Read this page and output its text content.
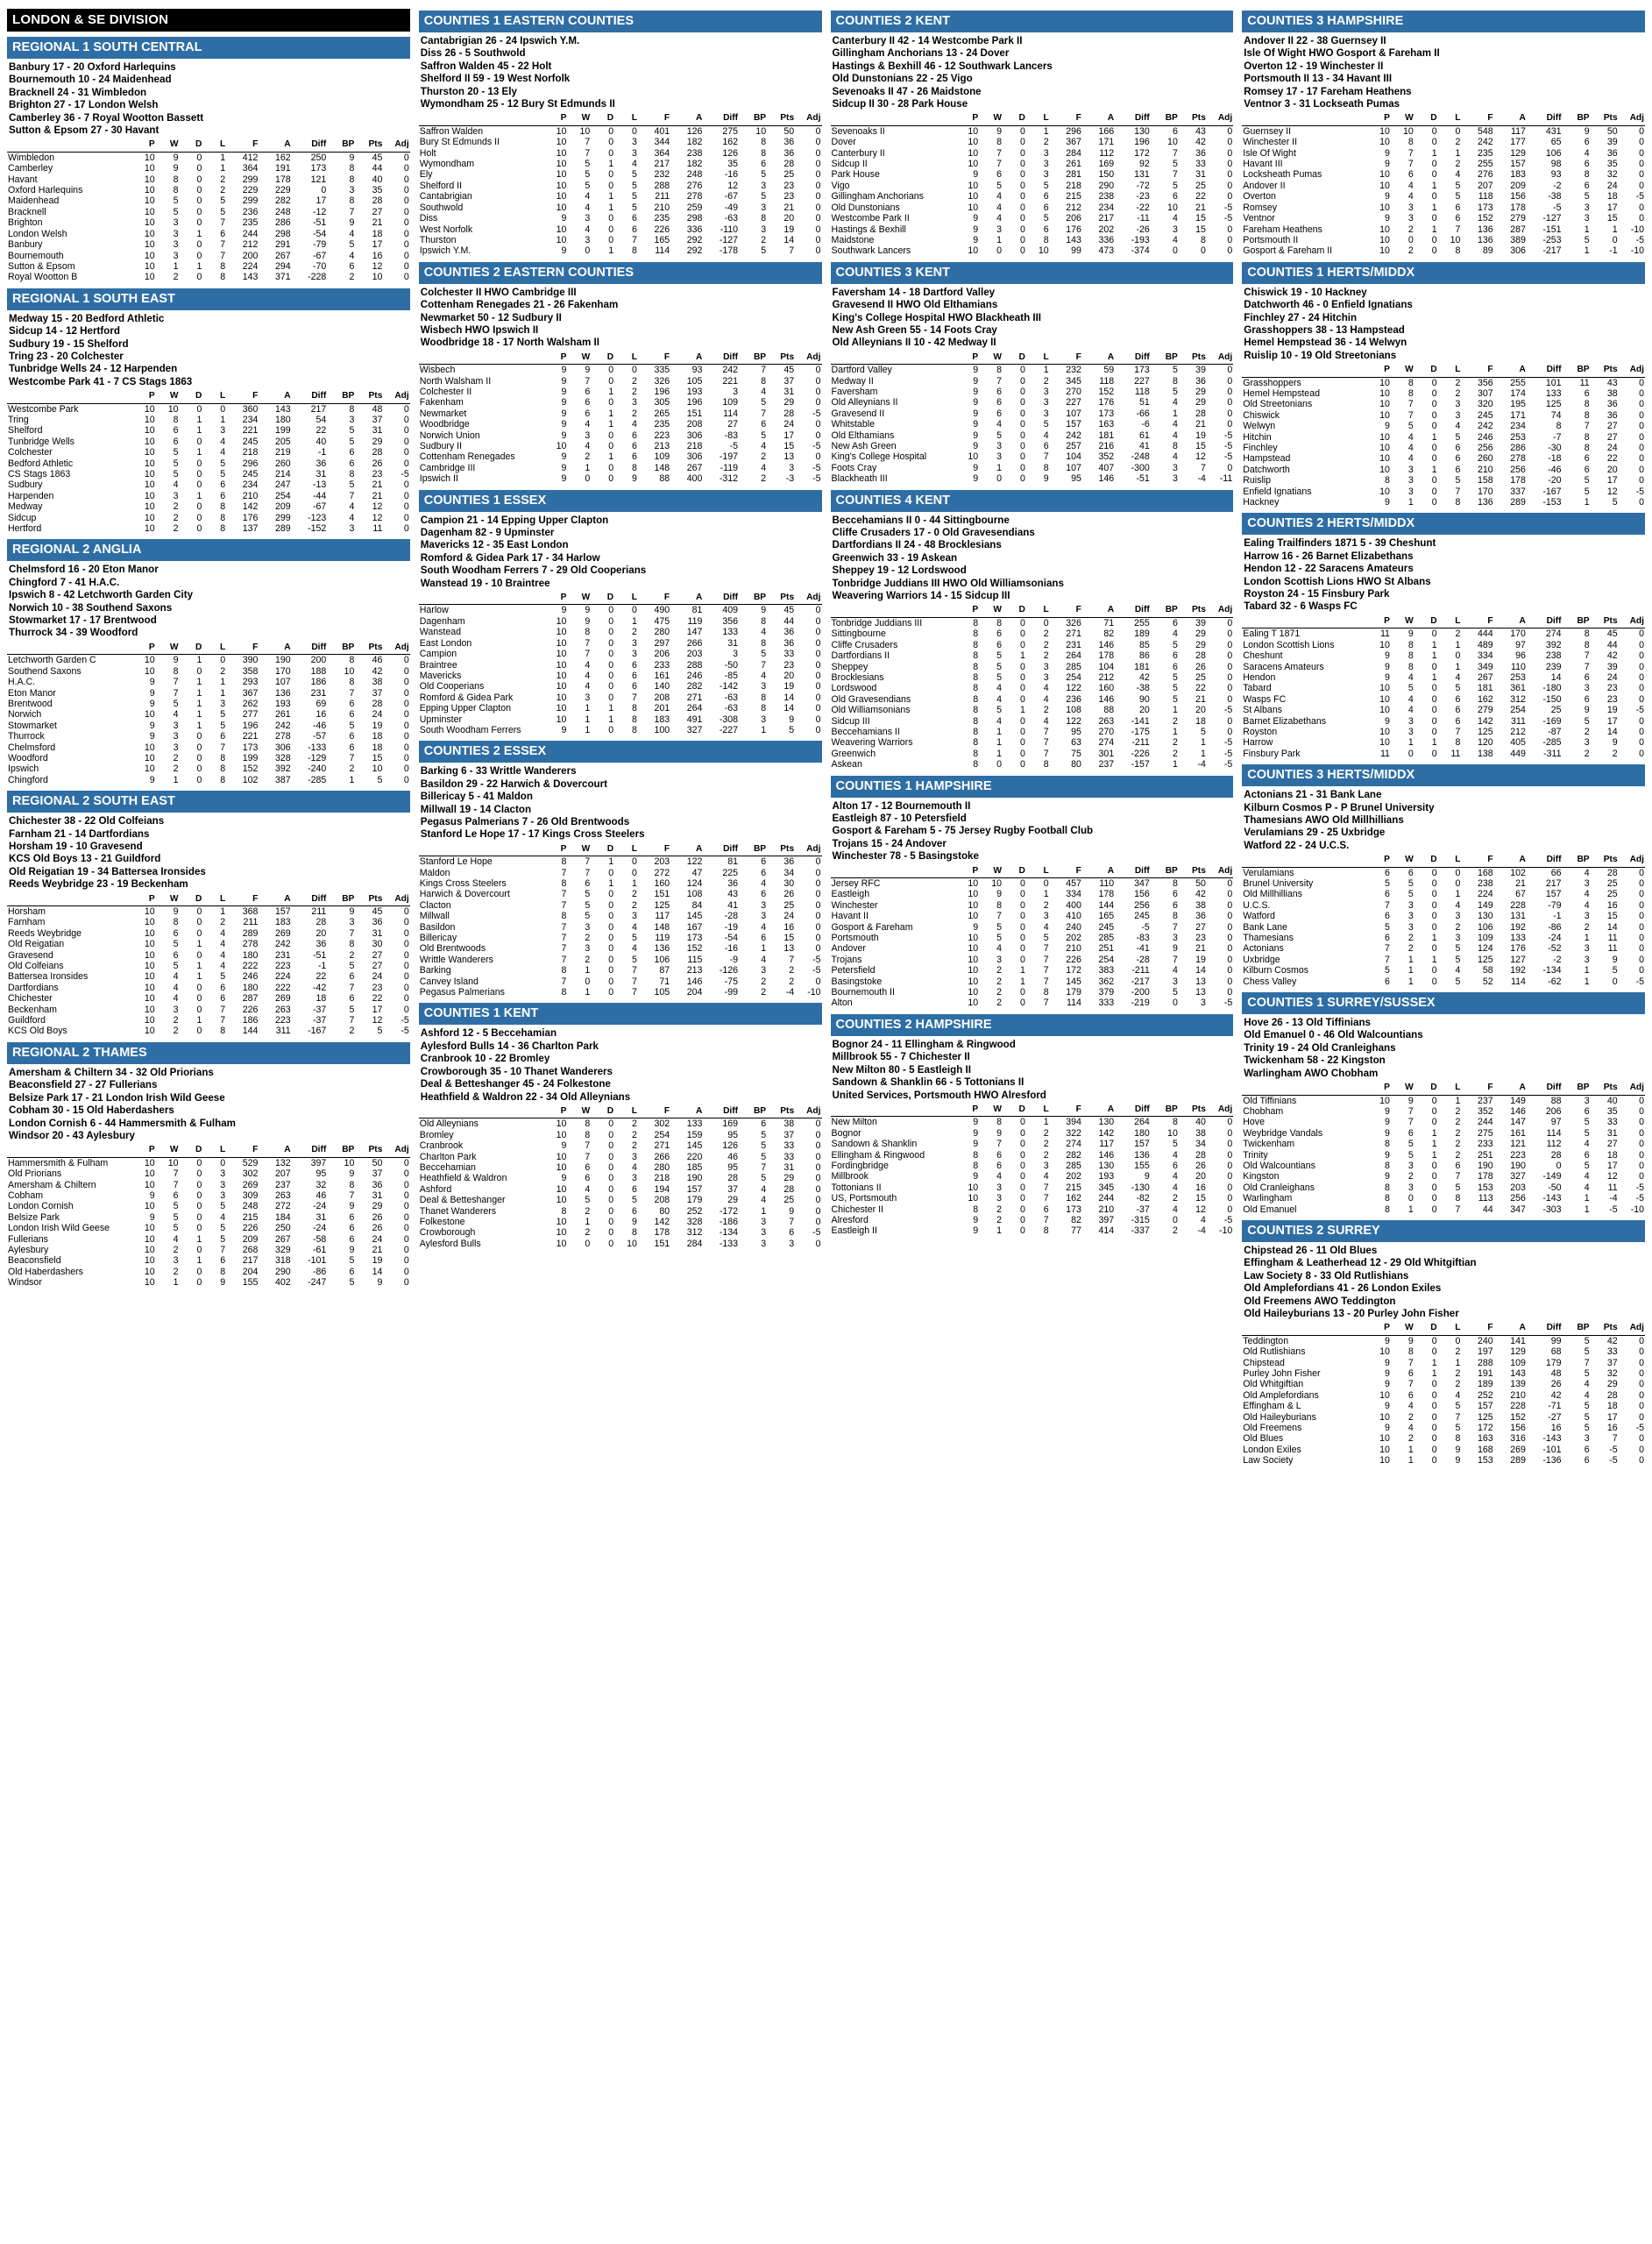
LONDON & SE DIVISION
REGIONAL 1 SOUTH CENTRAL
Banbury 17 - 20 Oxford Harlequins
Bournemouth 10 - 24 Maidenhead
Bracknell 24 - 31 Wimbledon
Brighton 27 - 17 London Welsh
Camberley 36 - 7 Royal Wootton Bassett
Sutton & Epsom 27 - 30 Havant
	P	W	D	L	F	A	Diff	BP	Pts	Adj
Wimbledon	10	9	0	1	412	162	250	9	45	0
Camberley	10	9	0	1	364	191	173	8	44	0
Havant	10	8	0	2	299	178	121	8	40	0
Oxford Harlequins	10	8	0	2	229	229	0	3	35	0
Maidenhead	10	5	0	5	299	282	17	8	28	0
Bracknell	10	5	0	5	236	248	-12	7	27	0
Brighton	10	3	0	7	235	286	-51	9	21	0
London Welsh	10	3	1	6	244	298	-54	4	18	0
Banbury	10	3	0	7	212	291	-79	5	17	0
Bournemouth	10	3	0	7	200	267	-67	4	16	0
Sutton & Epsom	10	1	1	8	224	294	-70	6	12	0
Royal Wootton B	10	2	0	8	143	371	-228	2	10	0
REGIONAL 1 SOUTH EAST
Medway 15 - 20 Bedford Athletic
Sidcup 14 - 12 Hertford
Sudbury 19 - 15 Shelford
Tring 23 - 20 Colchester
Tunbridge Wells 24 - 12 Harpenden
Westcombe Park 41 - 7 CS Stags 1863
	P	W	D	L	F	A	Diff	BP	Pts	Adj
Westcombe Park	10	10	0	0	360	143	217	8	48	0
Tring	10	8	1	1	234	180	54	3	37	0
Shelford	10	6	1	3	221	199	22	5	31	0
Tunbridge Wells	10	6	0	4	245	205	40	5	29	0
Colchester	10	5	1	4	218	219	-1	6	28	0
Bedford Athletic	10	5	0	5	296	260	36	6	26	0
CS Stags 1863	10	5	0	5	245	214	31	8	23	-5
Sudbury	10	4	0	6	234	247	-13	5	21	0
Harpenden	10	3	1	6	210	254	-44	7	21	0
Medway	10	2	0	8	142	209	-67	4	12	0
Sidcup	10	2	0	8	176	299	-123	4	12	0
Hertford	10	2	0	8	137	289	-152	3	11	0
REGIONAL 2 ANGLIA
Chelmsford 16 - 20 Eton Manor
Chingford 7 - 41 H.A.C.
Ipswich 8 - 42 Letchworth Garden City
Norwich 10 - 38 Southend Saxons
Stowmarket 17 - 17 Brentwood
Thurrock 34 - 39 Woodford
	P	W	D	L	F	A	Diff	BP	Pts	Adj
Letchworth Garden C	10	9	1	0	390	190	200	8	46	0
Southend Saxons	10	8	0	2	358	170	188	10	42	0
H.A.C.	9	7	1	1	293	107	186	8	38	0
Eton Manor	9	7	1	1	367	136	231	7	37	0
Brentwood	9	5	1	3	262	193	69	6	28	0
Norwich	10	4	1	5	277	261	16	6	24	0
Stowmarket	9	3	1	5	196	242	-46	5	19	0
Thurrock	9	3	0	6	221	278	-57	6	18	0
Chelmsford	10	3	0	7	173	306	-133	6	18	0
Woodford	10	2	0	8	199	328	-129	7	15	0
Ipswich	10	2	0	8	152	392	-240	2	10	0
Chingford	9	1	0	8	102	387	-285	1	5	0
REGIONAL 2 SOUTH EAST
Chichester 38 - 22 Old Colfeians
Farnham 21 - 14 Dartfordians
Horsham 19 - 10 Gravesend
KCS Old Boys 13 - 21 Guildford
Old Reigatian 19 - 34 Battersea Ironsides
Reeds Weybridge 23 - 19 Beckenham
	P	W	D	L	F	A	Diff	BP	Pts	Adj
Horsham	10	9	0	1	368	157	211	9	45	0
Farnham	10	8	0	2	211	183	28	3	36	0
Reeds Weybridge	10	6	0	4	289	269	20	7	31	0
Old Reigatian	10	5	1	4	278	242	36	8	30	0
Gravesend	10	6	0	4	180	231	-51	2	27	0
Old Colfeians	10	5	1	4	222	223	-1	5	27	0
Battersea Ironsides	10	4	1	5	246	224	22	6	24	0
Dartfordians	10	4	0	6	180	222	-42	7	23	0
Chichester	10	4	0	6	287	269	18	6	22	0
Beckenham	10	3	0	7	226	263	-37	5	17	0
Guildford	10	2	1	7	186	223	-37	7	12	-5
KCS Old Boys	10	2	0	8	144	311	-167	2	5	-5
REGIONAL 2 THAMES
Amersham & Chiltern 34 - 32 Old Priorians
Beaconsfield 27 - 27 Fullerians
Belsize Park 17 - 21 London Irish Wild Geese
Cobham 30 - 15 Old Haberdashers
London Cornish 6 - 44 Hammersmith & Fulham
Windsor 20 - 43 Aylesbury
	P	W	D	L	F	A	Diff	BP	Pts	Adj
Hammersmith & Fulham	10	10	0	0	529	132	397	10	50	0
Old Priorians	10	7	0	3	302	207	95	9	37	0
Amersham & Chiltern	10	7	0	3	269	237	32	8	36	0
Cobham	9	6	0	3	309	263	46	7	31	0
London Cornish	10	5	0	5	248	272	-24	9	29	0
Belsize Park	9	5	0	4	215	184	31	6	26	0
London Irish Wild Geese	10	5	0	5	226	250	-24	6	26	0
Fullerians	10	4	1	5	209	267	-58	6	24	0
Aylesbury	10	2	0	7	268	329	-61	9	21	0
Beaconsfield	10	3	1	6	217	318	-101	5	19	0
Old Haberdashers	10	2	0	8	204	290	-86	6	14	0
Windsor	10	1	0	9	155	402	-247	5	9	0
COUNTIES 1 EASTERN COUNTIES
Cantabrigian 26 - 24 Ipswich Y.M.
Diss 26 - 5 Southwold
Saffron Walden 45 - 22 Holt
Shelford II 59 - 19 West Norfolk
Thurston 20 - 13 Ely
Wymondham 25 - 12 Bury St Edmunds II
	P	W	D	L	F	A	Diff	BP	Pts	Adj
Saffron Walden	10	10	0	0	401	126	275	10	50	0
Bury St Edmunds II	10	7	0	3	344	182	162	8	36	0
Holt	10	7	0	3	364	238	126	8	36	0
Wymondham	10	5	1	4	217	182	35	6	28	0
Ely	10	5	0	5	232	248	-16	5	25	0
Shelford II	10	5	0	5	288	276	12	3	23	0
Cantabrigian	10	4	1	5	211	278	-67	5	23	0
Southwold	10	4	1	5	210	259	-49	3	21	0
Diss	9	3	0	6	235	298	-63	8	20	0
West Norfolk	10	4	0	6	226	336	-110	3	19	0
Thurston	10	3	0	7	165	292	-127	2	14	0
Ipswich Y.M.	9	0	1	8	114	292	-178	5	7	0
COUNTIES 2 EASTERN COUNTIES
Colchester II HWO Cambridge III
Cottenham Renegades 21 - 26 Fakenham
Newmarket 50 - 12 Sudbury II
Wisbech HWO Ipswich II
Woodbridge 18 - 17 North Walsham II
	P	W	D	L	F	A	Diff	BP	Pts	Adj
Wisbech	9	9	0	0	335	93	242	7	45	0
North Walsham II	9	7	0	2	326	105	221	8	37	0
Colchester II	9	6	1	2	196	193	3	4	31	0
Fakenham	9	6	0	3	305	196	109	5	29	0
Newmarket	9	6	1	2	265	151	114	7	28	-5
Woodbridge	9	4	1	4	235	208	27	6	24	0
Norwich Union	9	3	0	6	223	306	-83	5	17	0
Sudbury II	10	4	0	6	213	218	-5	4	15	-5
Cottenham Renegades	9	2	1	6	109	306	-197	2	13	0
Cambridge III	9	1	0	8	148	267	-119	4	3	-5
Ipswich II	9	0	0	9	88	400	-312	2	-3	-5
COUNTIES 1 ESSEX
Campion 21 - 14 Epping Upper Clapton
Dagenham 82 - 9 Upminster
Mavericks 12 - 35 East London
Romford & Gidea Park 17 - 34 Harlow
South Woodham Ferrers 7 - 29 Old Cooperians
Wanstead 19 - 10 Braintree
	P	W	D	L	F	A	Diff	BP	Pts	Adj
Harlow	9	9	0	0	490	81	409	9	45	0
Dagenham	10	9	0	1	475	119	356	8	44	0
Wanstead	10	8	0	2	280	147	133	4	36	0
East London	10	7	0	3	297	266	31	8	36	0
Campion	10	7	0	3	206	203	3	5	33	0
Braintree	10	4	0	6	233	288	-50	7	23	0
Mavericks	10	4	0	6	161	246	-85	4	20	0
Old Cooperians	10	4	0	6	140	282	-142	3	19	0
Romford & Gidea Park	10	3	0	7	208	271	-63	8	14	0
Epping Upper Clapton	10	1	1	8	201	264	-63	8	14	0
Upminster	10	1	1	8	183	491	-308	3	9	0
South Woodham Ferrers	9	1	0	8	100	327	-227	1	5	0
COUNTIES 2 ESSEX
Barking 6 - 33 Writtle Wanderers
Basildon 29 - 22 Harwich & Dovercourt
Billericay 5 - 41 Maldon
Millwall 19 - 14 Clacton
Pegasus Palmerians 7 - 26 Old Brentwoods
Stanford Le Hope 17 - 17 Kings Cross Steelers
	P	W	D	L	F	A	Diff	BP	Pts	Adj
Stanford Le Hope	8	7	1	0	203	122	81	6	36	0
Maldon	7	7	0	0	272	47	225	6	34	0
Kings Cross Steelers	8	6	1	1	160	124	36	4	30	0
Harwich & Dovercourt	7	5	0	2	151	108	43	6	26	0
Clacton	7	5	0	2	125	84	41	3	25	0
Millwall	8	5	0	3	117	145	-28	3	24	0
Basildon	7	3	0	4	148	167	-19	4	16	0
Billericay	7	2	0	5	119	173	-54	6	15	0
Old Brentwoods	7	3	0	4	136	152	-16	1	13	0
Writtle Wanderers	7	2	0	5	106	115	-9	4	7	-5
Barking	8	1	0	7	87	213	-126	3	2	-5
Canvey Island	7	0	0	7	71	146	-75	2	2	0
Pegasus Palmerians	8	1	0	7	105	204	-99	2	-4	-10
COUNTIES 1 KENT
Ashford 12 - 5 Beccehamian
Aylesford Bulls 14 - 36 Charlton Park
Cranbrook 10 - 22 Bromley
Crowborough 35 - 10 Thanet Wanderers
Deal & Betteshanger 45 - 24 Folkestone
Heathfield & Waldron 22 - 34 Old Alleynians
	P	W	D	L	F	A	Diff	BP	Pts	Adj
Old Alleynians	10	8	0	2	302	133	169	6	38	0
Bromley	10	8	0	2	254	159	95	5	37	0
Cranbrook	9	7	0	2	271	145	126	5	33	0
Charlton Park	10	7	0	3	266	220	46	5	33	0
Beccehamian	10	6	0	4	280	185	95	7	31	0
Heathfield & Waldron	9	6	0	3	218	190	28	5	29	0
Ashford	10	4	0	6	194	157	37	4	28	0
Deal & Betteshanger	10	5	0	5	208	179	29	4	25	0
Thanet Wanderers	8	2	0	6	80	252	-172	1	9	0
Folkestone	10	1	0	9	142	328	-186	3	7	0
Crowborough	10	2	0	8	178	312	-134	3	6	-5
Aylesford Bulls	10	0	0	10	151	284	-133	3	3	0
COUNTIES 2 KENT
Canterbury II 42 - 14 Westcombe Park II
Gillingham Anchorians 13 - 24 Dover
Hastings & Bexhill 46 - 12 Southwark Lancers
Old Dunstonians 22 - 25 Vigo
Sevenoaks II 47 - 26 Maidstone
Sidcup II 30 - 28 Park House
	P	W	D	L	F	A	Diff	BP	Pts	Adj
Sevenoaks II	10	9	0	1	296	166	130	6	43	0
Dover	10	8	0	2	367	171	196	10	42	0
Canterbury II	10	7	0	3	284	112	172	7	36	0
Sidcup II	10	7	0	3	261	169	92	5	33	0
Park House	9	6	0	3	281	150	131	7	31	0
Vigo	10	5	0	5	218	290	-72	5	25	0
Gillingham Anchorians	10	4	0	6	215	238	-23	6	22	0
Old Dunstonians	10	4	0	6	212	234	-22	10	21	-5
Westcombe Park II	9	4	0	5	206	217	-11	4	15	-5
Hastings & Bexhill	9	3	0	6	176	202	-26	3	15	0
Maidstone	9	1	0	8	143	336	-193	4	8	0
Southwark Lancers	10	0	0	10	99	473	-374	0	0	0
COUNTIES 3 KENT
Faversham 14 - 18 Dartford Valley
Gravesend II HWO Old Elthamians
King's College Hospital HWO Blackheath III
New Ash Green 55 - 14 Foots Cray
Old Alleynians II 10 - 42 Medway II
	P	W	D	L	F	A	Diff	BP	Pts	Adj
Dartford Valley	9	8	0	1	232	59	173	5	39	0
Medway II	9	7	0	2	345	118	227	8	36	0
Faversham	9	6	0	3	270	152	118	5	29	0
Old Alleynians II	9	6	0	3	227	176	51	4	29	0
Gravesend II	9	6	0	3	107	173	-66	1	28	0
Whitstable	9	4	0	5	157	163	-6	4	21	0
Old Elthamians	9	5	0	4	242	181	61	4	19	-5
New Ash Green	9	3	0	6	257	216	41	8	15	-5
King's College Hospital	10	3	0	7	104	352	-248	4	12	-5
Foots Cray	9	1	0	8	107	407	-300	3	7	0
Blackheath III	9	0	0	9	95	146	-51	3	-4	-11
COUNTIES 4 KENT
Beccehamians II 0 - 44 Sittingbourne
Cliffe Crusaders 17 - 0 Old Gravesendians
Dartfordians II 24 - 48 Brocklesians
Greenwich 33 - 19 Askean
Sheppey 19 - 12 Lordswood
Tonbridge Juddians III HWO Old Williamsonians
Weavering Warriors 14 - 15 Sidcup III
	P	W	D	L	F	A	Diff	BP	Pts	Adj
Tonbridge Juddians III	8	8	0	0	326	71	255	6	39	0
Sittingbourne	8	6	0	2	271	82	189	4	29	0
Cliffe Crusaders	8	6	0	2	231	146	85	5	29	0
Dartfordians II	8	5	1	2	264	178	86	6	28	0
Sheppey	8	5	0	3	285	104	181	6	26	0
Brocklesians	8	5	0	3	254	212	42	5	25	0
Lordswood	8	4	0	4	122	160	-38	5	22	0
Old Gravesendians	8	4	0	4	236	146	90	5	21	0
Old Williamsonians	8	5	1	2	108	88	20	1	20	-5
Sidcup III	8	4	0	4	122	263	-141	2	18	0
Beccehamians II	8	1	0	7	95	270	-175	1	5	0
Weavering Warriors	8	1	0	7	63	274	-211	2	1	-5
Greenwich	8	1	0	7	75	301	-226	2	1	-5
Askean	8	0	0	8	80	237	-157	1	-4	-5
COUNTIES 1 HAMPSHIRE
Alton 17 - 12 Bournemouth II
Eastleigh 87 - 10 Petersfield
Gosport & Fareham 5 - 75 Jersey Rugby Football Club
Trojans 15 - 24 Andover
Winchester 78 - 5 Basingstoke
	P	W	D	L	F	A	Diff	BP	Pts	Adj
Jersey RFC	10	10	0	0	457	110	347	8	50	0
Eastleigh	10	9	0	1	334	178	156	6	42	0
Winchester	10	8	0	2	400	144	256	6	38	0
Havant II	10	7	0	3	410	165	245	8	36	0
Gosport & Fareham	9	5	0	4	240	245	-5	7	27	0
Portsmouth	10	5	0	5	202	285	-83	3	23	0
Andover	10	4	0	7	210	251	-41	9	21	0
Trojans	10	3	0	7	226	254	-28	7	19	0
Petersfield	10	2	1	7	172	383	-211	4	14	0
Basingstoke	10	2	1	7	145	362	-217	3	13	0
Bournemouth II	10	2	0	8	179	379	-200	5	13	0
Alton	10	2	0	7	114	333	-219	0	3	-5
COUNTIES 2 HAMPSHIRE
Bognor 24 - 11 Ellingham & Ringwood
Millbrook 55 - 7 Chichester II
New Milton 80 - 5 Eastleigh II
Sandown & Shanklin 66 - 5 Tottonians II
United Services, Portsmouth HWO Alresford
	P	W	D	L	F	A	Diff	BP	Pts	Adj
New Milton	9	8	0	1	394	130	264	8	40	0
Bognor	9	9	0	2	322	142	180	10	38	0
Sandown & Shanklin	9	7	0	2	274	117	157	5	34	0
Ellingham & Ringwood	8	6	0	2	282	146	136	4	28	0
Fordingbridge	8	6	0	3	285	130	155	6	26	0
Millbrook	9	4	0	4	202	193	9	4	20	0
Tottonians II	10	3	0	7	215	345	-130	4	16	0
US, Portsmouth	10	3	0	7	162	244	-82	2	15	0
Chichester II	8	2	0	6	173	210	-37	4	12	0
Alresford	9	2	0	7	82	397	-315	0	4	-5
Eastleigh II	9	1	0	8	77	414	-337	2	-4	-10
COUNTIES 3 HAMPSHIRE
Andover II 22 - 38 Guernsey II
Isle Of Wight HWO Gosport & Fareham II
Overton 12 - 19 Winchester II
Portsmouth II 13 - 34 Havant III
Romsey 17 - 17 Fareham Heathens
Ventnor 3 - 31 Lockseath Pumas
	P	W	D	L	F	A	Diff	BP	Pts	Adj
Guernsey II	10	10	0	0	548	117	431	9	50	0
Winchester II	10	8	0	2	242	177	65	6	39	0
Isle Of Wight	9	7	1	1	235	129	106	4	36	0
Havant III	9	7	0	2	255	157	98	6	35	0
Locksheath Pumas	10	6	0	4	276	183	93	8	32	0
Andover II	10	4	1	5	207	209	-2	6	24	0
Overton	9	4	0	5	118	156	-38	5	18	-5
Romsey	10	3	1	6	173	178	-5	3	17	0
Ventnor	9	3	0	6	152	279	-127	3	15	0
Fareham Heathens	10	2	1	7	136	287	-151	1	1	-10
Portsmouth II	10	0	0	10	136	389	-253	5	0	-5
Gosport & Fareham II	10	2	0	8	89	306	-217	1	-1	-10
COUNTIES 1 HERTS/MIDDX
Chiswick 19 - 10 Hackney
Datchworth 46 - 0 Enfield Ignatians
Finchley 27 - 24 Hitchin
Grasshoppers 38 - 13 Hampstead
Hemel Hempstead 36 - 14 Welwyn
Ruislip 10 - 19 Old Streetonians
	P	W	D	L	F	A	Diff	BP	Pts	Adj
Grasshoppers	10	8	0	2	356	255	101	11	43	0
Hemel Hempstead	10	8	0	2	307	174	133	6	38	0
Old Streetonians	10	7	0	3	320	195	125	8	36	0
Chiswick	10	7	0	3	245	171	74	8	36	0
Welwyn	9	5	0	4	242	234	8	7	27	0
Hitchin	10	4	1	5	246	253	-7	8	27	0
Finchley	10	4	0	6	256	286	-30	8	24	0
Hampstead	10	4	0	6	260	278	-18	6	22	0
Datchworth	10	3	1	6	210	256	-46	6	20	0
Ruislip	8	3	0	5	158	178	-20	5	17	0
Enfield Ignatians	10	3	0	7	170	337	-167	5	12	-5
Hackney	9	1	0	8	136	289	-153	1	5	0
COUNTIES 2 HERTS/MIDDX
Ealing Trailfinders 1871 5 - 39 Cheshunt
Harrow 16 - 26 Barnet Elizabethans
Hendon 12 - 22 Saracens Amateurs
London Scottish Lions HWO St Albans
Royston 24 - 15 Finsbury Park
Tabard 32 - 6 Wasps FC
	P	W	D	L	F	A	Diff	BP	Pts	Adj
Ealing T 1871	11	9	0	2	444	170	274	8	45	0
London Scottish Lions	10	8	1	1	489	97	392	8	44	0
Cheshunt	9	8	1	0	334	96	238	7	42	0
Saracens Amateurs	9	8	0	1	349	110	239	7	39	0
Hendon	9	4	1	4	267	253	14	6	24	0
Tabard	10	5	0	5	181	361	-180	3	23	0
Wasps FC	10	4	0	6	162	312	-150	6	23	0
St Albans	10	4	0	6	279	254	25	9	19	-5
Barnet Elizabethans	9	3	0	6	142	311	-169	5	17	0
Royston	10	3	0	7	125	212	-87	2	14	0
Harrow	10	1	1	8	120	405	-285	3	9	0
Finsbury Park	11	0	0	11	138	449	-311	2	2	0
COUNTIES 3 HERTS/MIDDX
Actonians 21 - 31 Bank Lane
Kilburn Cosmos P - P Brunel University
Thamesians AWO Old Millhillians
Verulamians 29 - 25 Uxbridge
Watford 22 - 24 U.C.S.
	P	W	D	L	F	A	Diff	BP	Pts	Adj
Verulamians	6	6	0	0	168	102	66	4	28	0
Brunel University	5	5	0	0	238	21	217	3	25	0
Old Millhillians	6	5	0	1	224	67	157	4	25	0
U.C.S.	7	3	0	4	149	228	-79	4	16	0
Watford	6	3	0	3	130	131	-1	3	15	0
Bank Lane	5	3	0	2	106	192	-86	2	14	0
Thamesians	6	2	1	3	109	133	-24	1	11	0
Actonians	7	2	0	5	124	176	-52	3	11	0
Uxbridge	7	1	1	5	125	127	-2	3	9	0
Kilburn Cosmos	5	1	0	4	58	192	-134	1	5	0
Chess Valley	6	1	0	5	52	114	-62	1	0	-5
COUNTIES 1 SURREY/SUSSEX
Hove 26 - 13 Old Tiffinians
Old Emanuel 0 - 46 Old Walcountians
Trinity 19 - 24 Old Cranleighans
Twickenham 58 - 22 Kingston
Warlingham AWO Chobham
	P	W	D	L	F	A	Diff	BP	Pts	Adj
Old Tiffinians	10	9	0	1	237	149	88	3	40	0
Chobham	9	7	0	2	352	146	206	6	35	0
Hove	9	7	0	2	244	147	97	5	33	0
Weybridge Vandals	9	6	1	2	275	161	114	5	31	0
Twickenham	8	5	1	2	233	121	112	4	27	0
Trinity	9	5	1	2	251	223	28	6	18	0
Old Walcountians	8	3	0	6	190	190	0	5	17	0
Kingston	9	2	0	7	178	327	-149	4	12	0
Old Cranleighans	8	3	0	5	153	203	-50	4	11	-5
Warlingham	8	0	0	8	113	256	-143	1	-4	-5
Old Emanuel	8	1	0	7	44	347	-303	1	-5	-10
COUNTIES 2 SURREY
Chipstead 26 - 11 Old Blues
Effingham & Leatherhead 12 - 29 Old Whitgiftian
Law Society 8 - 33 Old Rutlishians
Old Amplefordians 41 - 26 London Exiles
Old Freemens AWO Teddington
Old Haileyburians 13 - 20 Purley John Fisher
	P	W	D	L	F	A	Diff	BP	Pts	Adj
Teddington	9	9	0	0	240	141	99	5	42	0
Old Rutlishians	10	8	0	2	197	129	68	5	33	0
Chipstead	9	7	1	1	288	109	179	7	37	0
Purley John Fisher	9	6	1	2	191	143	48	5	32	0
Old Whitgiftian	9	7	0	2	189	139	26	4	29	0
Old Amplefordians	10	6	0	4	252	210	42	4	28	0
Effingham & L	9	4	0	5	157	228	-71	5	18	0
Old Haileyburians	10	2	0	7	125	152	-27	5	17	0
Old Freemens	9	4	0	5	172	156	16	5	16	-5
Old Blues	10	2	0	8	163	316	-143	3	7	0
London Exiles	10	1	0	9	168	269	-101	6	-5	0
Law Society	10	1	0	9	153	289	-136	6	-5	0
